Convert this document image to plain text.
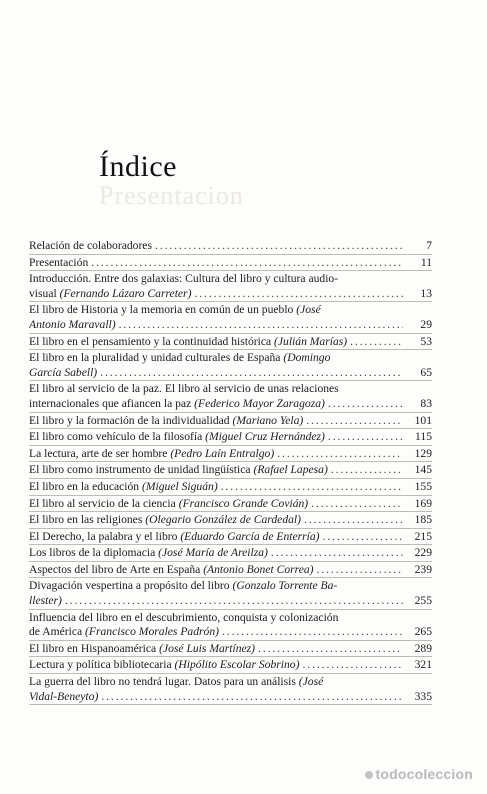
Índice
Presentacion
Relación de colaboradores . . .	7
Presentación . . .	11
Introducción. Entre dos galaxias: Cultura del libro y cultura audio-
visual (Fernando Lázaro Carreter) . . .	13
El libro de Historia y la memoria en común de un pueblo (José
Antonio Maravall) . . .	29
El libro en el pensamiento y la continuidad histórica (Julián Marías) . . .	53
El libro en la pluralidad y unidad culturales de España (Domingo
García Sabell) . . .	65
El libro al servicio de la paz. El libro al servicio de unas relaciones
internacionales que afiancen la paz (Federico Mayor Zaragoza) . . .	83
El libro y la formación de la individualidad (Mariano Yela) . . .	101
El libro como vehículo de la filosofía (Miguel Cruz Hernández) . . .	115
La lectura, arte de ser hombre (Pedro Laín Entralgo) . . .	129
El libro como instrumento de unidad lingüística (Rafael Lapesa) . . .	145
El libro en la educación (Miguel Siguán) . . .	155
El libro al servicio de la ciencia (Francisco Grande Covián) . . .	169
El libro en las religiones (Olegario González de Cardedal) . . .	185
El Derecho, la palabra y el libro (Eduardo García de Enterría) . . .	215
Los libros de la diplomacia (José María de Areilza) . . .	229
Aspectos del libro de Arte en España (Antonio Bonet Correa) . . .	239
Divagación vespertina a propósito del libro (Gonzalo Torrente Ba-
llester) . . .	255
Influencia del libro en el descubrimiento, conquista y colonización
de América (Francisco Morales Padrón) . . .	265
El libro en Hispanoamérica (José Luis Martínez) . . .	289
Lectura y política bibliotecaria (Hipólito Escolar Sobrino) . . .	321
La guerra del libro no tendrá lugar. Datos para un análisis (José
Vidal-Beneyto) . . .	335
todocoleccion
